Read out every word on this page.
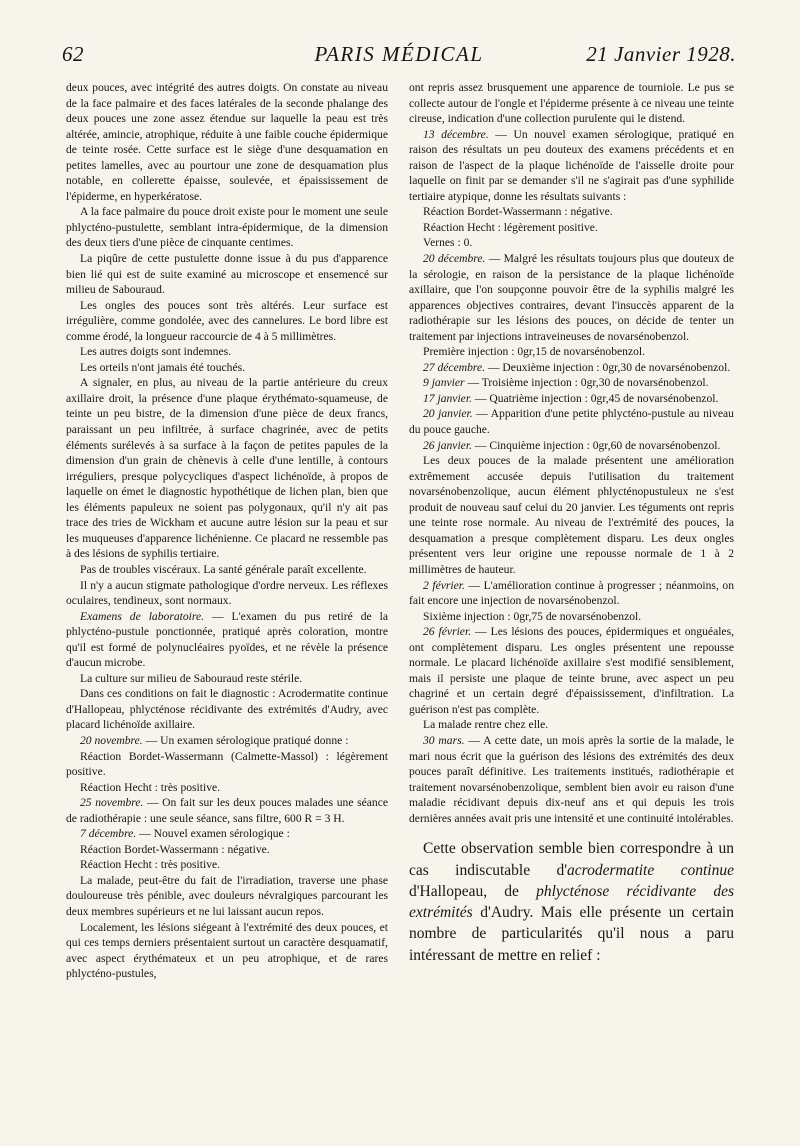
62	PARIS MÉDICAL	21 Janvier 1928.

deux pouces, avec intégrité des autres doigts. On constate au niveau de la face palmaire et des faces latérales de la seconde phalange des deux pouces une zone assez étendue sur laquelle la peau est très altérée, amincie, atrophique, réduite à une faible couche épidermique de teinte rosée. Cette surface est le siège d'une desquamation en petites lamelles, avec au pourtour une zone de desquamation plus notable, en collerette épaisse, soulevée, et épaississement de l'épiderme, en hyperkératose.

A la face palmaire du pouce droit existe pour le moment une seule phlycténo-pustulette, semblant intra-épidermique, de la dimension des deux tiers d'une pièce de cinquante centimes.

La piqûre de cette pustulette donne issue à du pus d'apparence bien lié qui est de suite examiné au microscope et ensemencé sur milieu de Sabouraud.

Les ongles des pouces sont très altérés. Leur surface est irrégulière, comme gondolée, avec des cannelures. Le bord libre est comme érodé, la longueur raccourcie de 4 à 5 millimètres.

Les autres doigts sont indemnes.

Les orteils n'ont jamais été touchés.

A signaler, en plus, au niveau de la partie antérieure du creux axillaire droit, la présence d'une plaque érythémato-squameuse, de teinte un peu bistre, de la dimension d'une pièce de deux francs, paraissant un peu infiltrée, à surface chagrinée, avec de petits éléments surélevés à sa surface à la façon de petites papules de la dimension d'un grain de chènevis à celle d'une lentille, à contours irréguliers, presque polycycliques d'aspect lichénoïde, à propos de laquelle on émet le diagnostic hypothétique de lichen plan, bien que les éléments papuleux ne soient pas polygonaux, qu'il n'y ait pas trace des tries de Wickham et aucune autre lésion sur la peau et sur les muqueuses d'apparence lichénienne. Ce placard ne ressemble pas à des lésions de syphilis tertiaire.

Pas de troubles viscéraux. La santé générale paraît excellente.

Il n'y a aucun stigmate pathologique d'ordre nerveux. Les réflexes oculaires, tendineux, sont normaux.

Examens de laboratoire. — L'examen du pus retiré de la phlycténo-pustule ponctionnée, pratiqué après coloration, montre qu'il est formé de polynucléaires pyoïdes, et ne révèle la présence d'aucun microbe.

La culture sur milieu de Sabouraud reste stérile.

Dans ces conditions on fait le diagnostic : Acrodermatite continue d'Hallopeau, phlycténose récidivante des extrémités d'Audry, avec placard lichénoïde axillaire.

20 novembre. — Un examen sérologique pratiqué donne :

Réaction Bordet-Wassermann (Calmette-Massol) : légèrement positive.

Réaction Hecht : très positive.

25 novembre. — On fait sur les deux pouces malades une séance de radiothérapie : une seule séance, sans filtre, 600 R = 3 H.

7 décembre. — Nouvel examen sérologique :

Réaction Bordet-Wassermann : négative.

Réaction Hecht : très positive.

La malade, peut-être du fait de l'irradiation, traverse une phase douloureuse très pénible, avec douleurs névralgiques parcourant les deux membres supérieurs et ne lui laissant aucun repos.

Localement, les lésions siégeant à l'extrémité des deux pouces, et qui ces temps derniers présentaient surtout un caractère desquamatif, avec aspect érythémateux et un peu atrophique, et de rares phlycténo-pustules,

ont repris assez brusquement une apparence de tourniole. Le pus se collecte autour de l'ongle et l'épiderme présente à ce niveau une teinte cireuse, indication d'une collection purulente qui le distend.

13 décembre. — Un nouvel examen sérologique, pratiqué en raison des résultats un peu douteux des examens précédents et en raison de l'aspect de la plaque lichénoïde de l'aisselle droite pour laquelle on finit par se demander s'il ne s'agirait pas d'une syphilide tertiaire atypique, donne les résultats suivants :

Réaction Bordet-Wassermann : négative.

Réaction Hecht : légèrement positive.

Vernes : 0.

20 décembre. — Malgré les résultats toujours plus que douteux de la sérologie, en raison de la persistance de la plaque lichénoïde axillaire, que l'on soupçonne pouvoir être de la syphilis malgré les apparences objectives contraires, devant l'insuccès apparent de la radiothérapie sur les lésions des pouces, on décide de tenter un traitement par injections intraveineuses de novarsénobenzol.

Première injection : 0gr,15 de novarsénobenzol.

27 décembre. — Deuxième injection : 0gr,30 de novarsénobenzol.

9 janvier — Troisième injection : 0gr,30 de novarsénobenzol.

17 janvier. — Quatrième injection : 0gr,45 de novarsénobenzol.

20 janvier. — Apparition d'une petite phlycténo-pustule au niveau du pouce gauche.

26 janvier. — Cinquième injection : 0gr,60 de novarsénobenzol.

Les deux pouces de la malade présentent une amélioration extrêmement accusée depuis l'utilisation du traitement novarsénobenzolique, aucun élément phlycténopustuleux ne s'est produit de nouveau sauf celui du 20 janvier. Les téguments ont repris une teinte rose normale. Au niveau de l'extrémité des pouces, la desquamation a presque complètement disparu. Les deux ongles présentent vers leur origine une repousse normale de 1 à 2 millimètres de hauteur.

2 février. — L'amélioration continue à progresser ; néanmoins, on fait encore une injection de novarsénobenzol.

Sixième injection : 0gr,75 de novarsénobenzol.

26 février. — Les lésions des pouces, épidermiques et onguéales, ont complètement disparu. Les ongles présentent une repousse normale. Le placard lichénoïde axillaire s'est modifié sensiblement, mais il persiste une plaque de teinte brune, avec aspect un peu chagriné et un certain degré d'épaississement, d'infiltration. La guérison n'est pas complète.

La malade rentre chez elle.

30 mars. — A cette date, un mois après la sortie de la malade, le mari nous écrit que la guérison des lésions des extrémités des deux pouces paraît définitive. Les traitements institués, radiothérapie et traitement novarsénobenzolique, semblent bien avoir eu raison d'une maladie récidivant depuis dix-neuf ans et qui depuis les trois dernières années avait pris une intensité et une continuité intolérables.

Cette observation semble bien correspondre à un cas indiscutable d'acrodermatite continue d'Hallopeau, de phlycténose récidivante des extrémités d'Audry. Mais elle présente un certain nombre de particularités qu'il nous a paru intéressant de mettre en relief :
